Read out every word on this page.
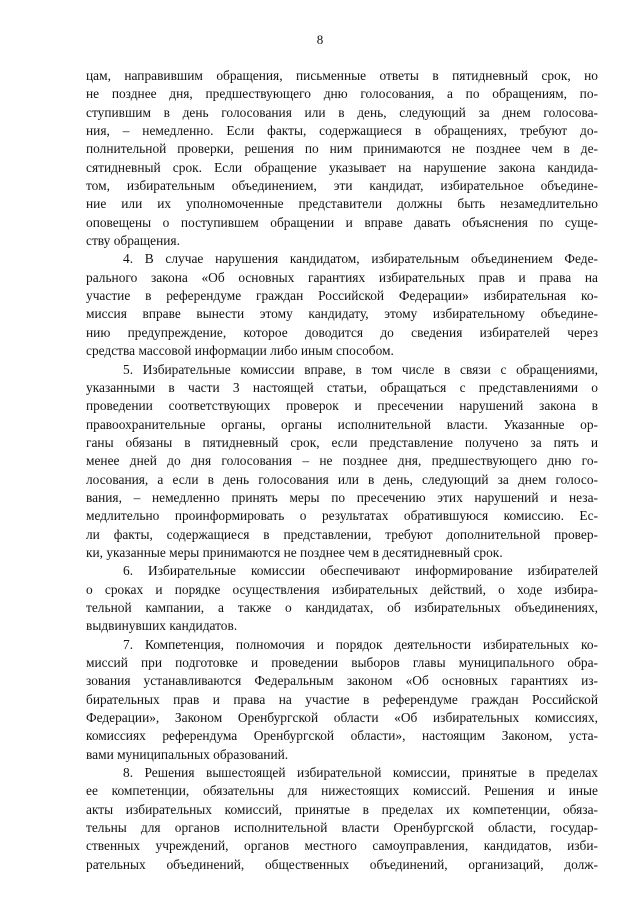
8

цам, направившим обращения, письменные ответы в пятидневный срок, но
не позднее дня, предшествующего дню голосования, а по обращениям, по-
ступившим в день голосования или в день, следующий за днем голосова-
ния, – немедленно. Если факты, содержащиеся в обращениях, требуют до-
полнительной проверки, решения по ним принимаются не позднее чем в де-
сятидневный срок. Если обращение указывает на нарушение закона кандида-
том, избирательным объединением, эти кандидат, избирательное объедине-
ние или их уполномоченные представители должны быть незамедлительно
оповещены о поступившем обращении и вправе давать объяснения по суще-
ству обращения.

4. В случае нарушения кандидатом, избирательным объединением Феде-
рального закона «Об основных гарантиях избирательных прав и права на
участие в референдуме граждан Российской Федерации» избирательная ко-
миссия вправе вынести этому кандидату, этому избирательному объедине-
нию предупреждение, которое доводится до сведения избирателей через
средства массовой информации либо иным способом.

5. Избирательные комиссии вправе, в том числе в связи с обращениями,
указанными в части 3 настоящей статьи, обращаться с представлениями о
проведении соответствующих проверок и пресечении нарушений закона в
правоохранительные органы, органы исполнительной власти. Указанные ор-
ганы обязаны в пятидневный срок, если представление получено за пять и
менее дней до дня голосования – не позднее дня, предшествующего дню го-
лосования, а если в день голосования или в день, следующий за днем голосо-
вания, – немедленно принять меры по пресечению этих нарушений и неза-
медлительно проинформировать о результатах обратившуюся комиссию. Ес-
ли факты, содержащиеся в представлении, требуют дополнительной провер-
ки, указанные меры принимаются не позднее чем в десятидневный срок.

6. Избирательные комиссии обеспечивают информирование избирателей
о сроках и порядке осуществления избирательных действий, о ходе избира-
тельной кампании, а также о кандидатах, об избирательных объединениях,
выдвинувших кандидатов.

7. Компетенция, полномочия и порядок деятельности избирательных ко-
миссий при подготовке и проведении выборов главы муниципального обра-
зования устанавливаются Федеральным законом «Об основных гарантиях из-
бирательных прав и права на участие в референдуме граждан Российской
Федерации», Законом Оренбургской области «Об избирательных комиссиях,
комиссиях референдума Оренбургской области», настоящим Законом, уста-
вами муниципальных образований.

8. Решения вышестоящей избирательной комиссии, принятые в пределах
ее компетенции, обязательны для нижестоящих комиссий. Решения и иные
акты избирательных комиссий, принятые в пределах их компетенции, обяза-
тельны для органов исполнительной власти Оренбургской области, государ-
ственных учреждений, органов местного самоуправления, кандидатов, изби-
рательных объединений, общественных объединений, организаций, долж-
